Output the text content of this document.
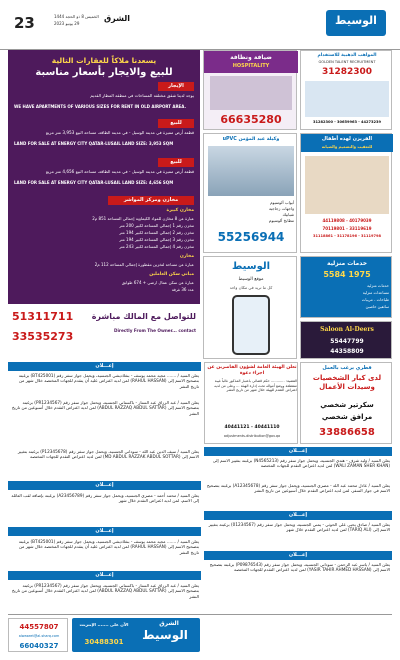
23	الخميس 8 ذو الحجة 1444
29 يونيو 2023
الشرق	الوسيط
يسعدنا ملاكاً للعقارات التالية
للبيع والايجار بأسعار مناسبة
الإيجار
يوجد لدينا شقق مختلفة المساحات في منطقة المطار القديم
WE HAVE APARTMENTS OF VARIOUS SIZES FOR RENT IN OLD AIRPORT AREA.
للبيع
قطعة أرض مميزة في مدينة الوسيل - في مدينة الطاقة، مساحة البيع 3,953 متر مربع
LAND FOR SALE AT ENERGY CITY QATAR-LUSAIL LAND SIZE: 3,953 SQM
للبيع
قطعة أرض مميزة في مدينة الوسيل - في مدينة الطاقة، مساحة البيع 4,656 متر مربع
LAND FOR SALE AT ENERGY CITY QATAR-LUSAIL LAND SIZE: 4,656 SQM
مخازن ومركز المواشر
مخازن كبيرة
عبارة عن 8 مخازن للمواد الكيماوية إجمالي المساحة 851 م2
مخزن رقم 1 إجمالي المساحة لكبير 200 متر
مخزن رقم 2 إجمالي المساحة لكبير 194 متر
مخزن رقم 3 إجمالي المساحة لكبير 194 متر
مخزن رقم 4 إجمالي المساحة لكبير 243 متر
مخازن
عبارة عن مساحة لتخزين مقطورة إجمالي المساحة 112 م2
مباني سكن العاملين
عبارة عن سكن عمال ارضي + 674 طوابق
عدد 36 غرفة
للتواصل مع المالك مباشرة
Directly From The Owner... contact
51311711
33535273
ضيافة ونظافة
HOSPITALITY
66635280
المواهب الذهبية للاستقدام
GOLDEN TALENT RECRUITMENT
31282300
31282300 - 30659963 - 44273239
وكيلة عبد المؤمن uPVC
أبواب ألومنيوم
واجهات زجاجية
شبابيك
مطابخ ألومنيوم
55256944
الفريزن لهذه أطفال
للتعقيب والتصميم والصيانة
44119808 - 40179039
70119801 - 33119619
31118861 - 31178196 - 31119798
الوسيط
موقع الوسيط
كل ما تريد في مكان واحد
خدمات منزلية
5584 1975
خدمات منزلية
مساعدات منزلية
طباخات - مربيات
سائقين خاصين
Saloon Al-Deers
55447799
44358809
إعـــلان
يعلن السيد / ....... مجيد محمد يوسف - بنغلاديشي الجنسية، ويحمل جواز سفر رقم (BT425001) برغبته بتصحيح الاسم إلى (RAHUL HASSAN) لمن لديه اعتراض عليه أن يتقدم للجهات المختصة خلال شهر من تاريخ النشر
يعلن السيد / عبد الرزاق عبد الستار - باكستاني الجنسية، ويحمل جواز سفر رقم (PR1234567) برغبته بتصحيح الاسم إلى (ABDUL RAZZAQ ABDUL SATTAR) لمن لديه اعتراض التقدم خلال أسبوعين من تاريخ النشر
تعلن الهيئة العامة لشؤون القاصرين عن اجراء دعوة
القضية: ............ حكم قضائي باعتبار المذكور غائباً غيبة منقطعة ووضع أمواله تحت إدارة الهيئة ... وعلى من لديه اعتراض التقدم للهيئة خلال شهر من تاريخ النشر
40441121 - 40441110
adjustments-distribution@gov.qa
قطري يرغب بالعمل
لدى كبار الشخصيات وسيدات الأعمال
سكرتير شخصي
مرافق شخصي
33886658
يعلن السيد / سيف الدين عبد الله - سوداني الجنسية، ويحمل جواز سفر رقم (P12345678) برغبته بتغيير الاسم إلى (MD ABDUL RAZZAK ABDUL SOTTAR) لمن لديه اعتراض التقدم للجهات المختصة
إعـــلان
يعلن السيد / محمد أحمد - مصري الجنسية، ويحمل جواز سفر رقم (A23456789) برغبته بإضافة لقب العائلة إلى الاسم، لمن لديه اعتراض التقدم خلال شهر
إعـــلان
يعلن السيد / ....... مجيد محمد يوسف - بنغلاديشي الجنسية، ويحمل جواز سفر رقم (BT425001) برغبته بتصحيح الاسم إلى (RAHUL HASSAN) لمن لديه اعتراض عليه أن يتقدم للجهات المختصة خلال شهر من تاريخ النشر
إعـــلان
يعلن السيد / عبد الرزاق عبد الستار - باكستاني الجنسية، ويحمل جواز سفر رقم (PR1234567) برغبته بتصحيح الاسم إلى (ABDUL RAZZAQ ABDUL SATTAR) لمن لديه اعتراض التقدم خلال أسبوعين من تاريخ النشر
إعـــلان
يعلن السيد / وليد شرف - هندي الجنسية، ويحمل جواز سفر رقم (N4565213) برغبته بتغيير الاسم إلى (WALI ZAMAN SHER KHAN) لمن لديه اعتراض التقدم للجهات المختصة
يعلن السيد / عادل محمد عبد الله - مصري الجنسية، ويحمل جواز سفر رقم (A12345678) برغبته بتصحيح الاسم في جواز السفر، لمن لديه اعتراض التقدم خلال أسبوعين من تاريخ النشر
إعـــلان
يعلن السيد / صادق يحيى علي الحوثي - يمني الجنسية، ويحمل جواز سفر رقم (01234567) برغبته بتغيير الاسم إلى (TARIQ ALI) لمن لديه اعتراض التقدم خلال شهر
إعـــلان
يعلن السيد / ياسر عبد الرحمن - سوداني الجنسية، ويحمل جواز سفر رقم (P09876543) برغبته بتصحيح الاسم إلى (YASIR TAHIR AHMED HASSAN) لمن لديه اعتراض التقدم للجهات المختصة
44557807
alwaseet@al-sharq.com
66040327
الشرق
الوسيط
30488301
الآن على ....... الإنترنت
